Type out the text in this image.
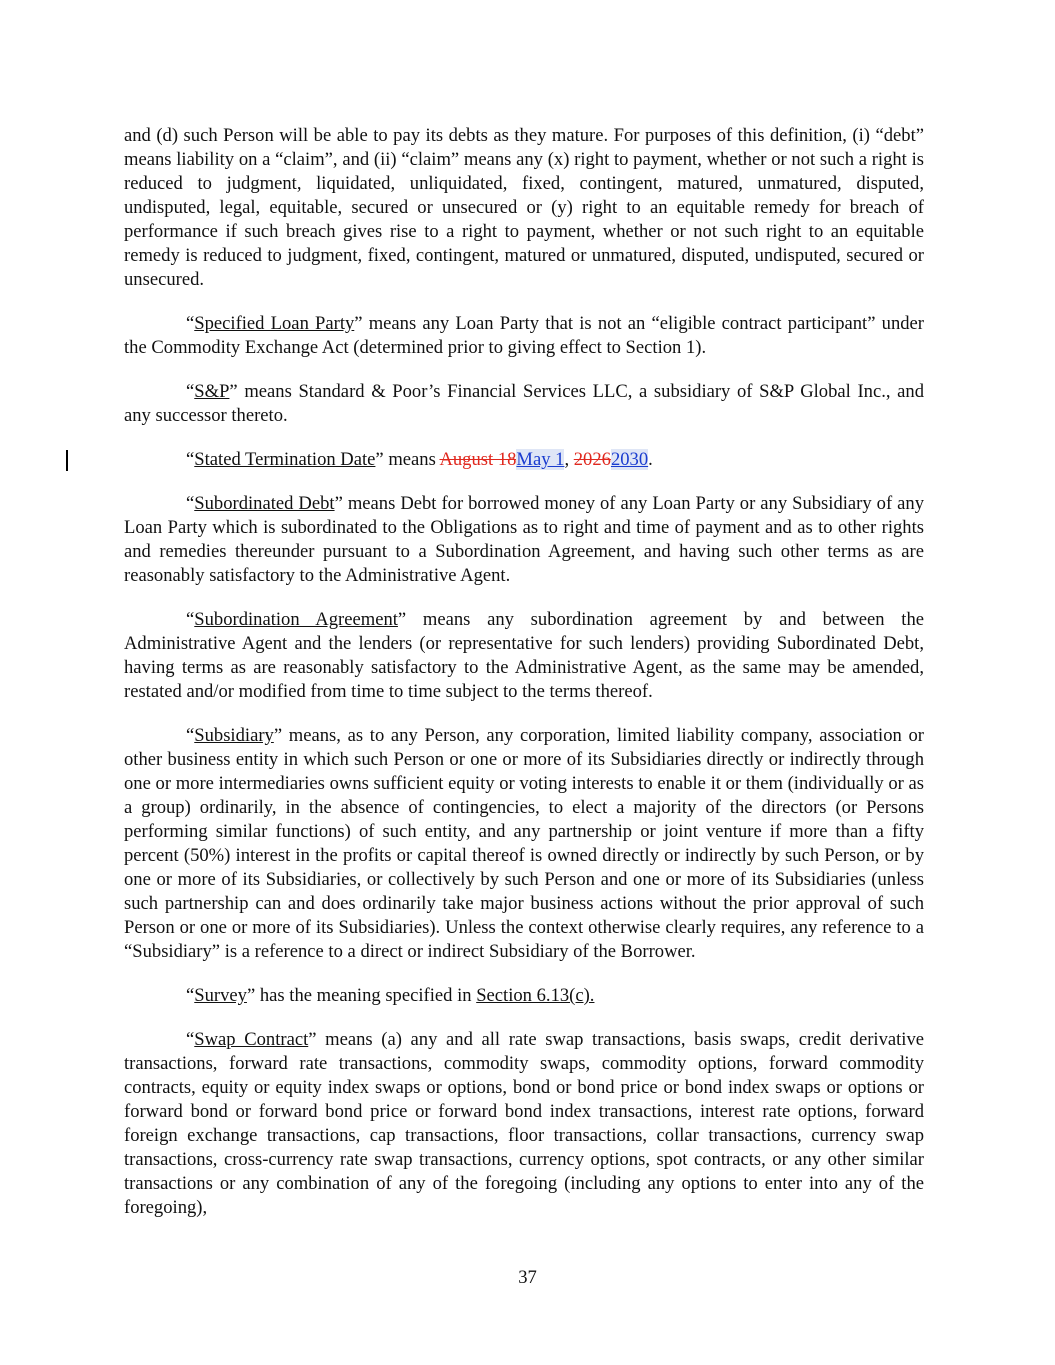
and (d) such Person will be able to pay its debts as they mature. For purposes of this definition, (i) “debt” means liability on a “claim”, and (ii) “claim” means any (x) right to payment, whether or not such a right is reduced to judgment, liquidated, unliquidated, fixed, contingent, matured, unmatured, disputed, undisputed, legal, equitable, secured or unsecured or (y) right to an equitable remedy for breach of performance if such breach gives rise to a right to payment, whether or not such right to an equitable remedy is reduced to judgment, fixed, contingent, matured or unmatured, disputed, undisputed, secured or unsecured.

“Specified Loan Party” means any Loan Party that is not an “eligible contract participant” under the Commodity Exchange Act (determined prior to giving effect to Section 1).

“S&P” means Standard & Poor’s Financial Services LLC, a subsidiary of S&P Global Inc., and any successor thereto.

“Stated Termination Date” means August 18May 1, 20262030.

“Subordinated Debt” means Debt for borrowed money of any Loan Party or any Subsidiary of any Loan Party which is subordinated to the Obligations as to right and time of payment and as to other rights and remedies thereunder pursuant to a Subordination Agreement, and having such other terms as are reasonably satisfactory to the Administrative Agent.

“Subordination Agreement” means any subordination agreement by and between the Administrative Agent and the lenders (or representative for such lenders) providing Subordinated Debt, having terms as are reasonably satisfactory to the Administrative Agent, as the same may be amended, restated and/or modified from time to time subject to the terms thereof.

“Subsidiary” means, as to any Person, any corporation, limited liability company, association or other business entity in which such Person or one or more of its Subsidiaries directly or indirectly through one or more intermediaries owns sufficient equity or voting interests to enable it or them (individually or as a group) ordinarily, in the absence of contingencies, to elect a majority of the directors (or Persons performing similar functions) of such entity, and any partnership or joint venture if more than a fifty percent (50%) interest in the profits or capital thereof is owned directly or indirectly by such Person, or by one or more of its Subsidiaries, or collectively by such Person and one or more of its Subsidiaries (unless such partnership can and does ordinarily take major business actions without the prior approval of such Person or one or more of its Subsidiaries). Unless the context otherwise clearly requires, any reference to a “Subsidiary” is a reference to a direct or indirect Subsidiary of the Borrower.

“Survey” has the meaning specified in Section 6.13(c).

“Swap Contract” means (a) any and all rate swap transactions, basis swaps, credit derivative transactions, forward rate transactions, commodity swaps, commodity options, forward commodity contracts, equity or equity index swaps or options, bond or bond price or bond index swaps or options or forward bond or forward bond price or forward bond index transactions, interest rate options, forward foreign exchange transactions, cap transactions, floor transactions, collar transactions, currency swap transactions, cross-currency rate swap transactions, currency options, spot contracts, or any other similar transactions or any combination of any of the foregoing (including any options to enter into any of the foregoing),

37
